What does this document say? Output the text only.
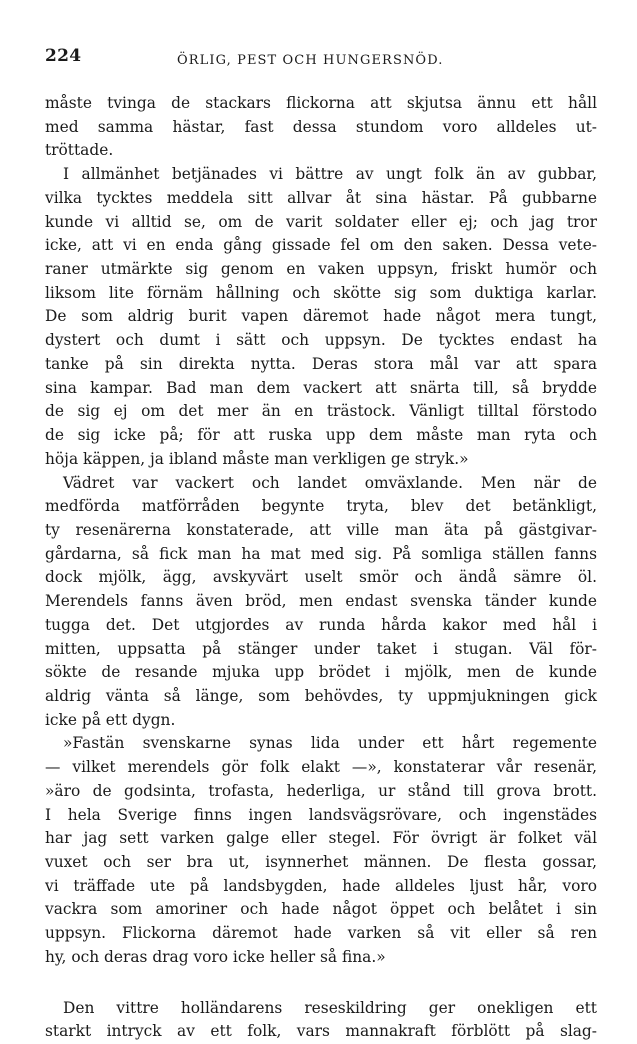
224	ÖRLIG, PEST OCH HUNGERSNÖD.
måste tvinga de stackars flickorna att skjutsa ännu ett håll
med samma hästar, fast dessa stundom voro alldeles ut-
tröttade.
I allmänhet betjänades vi bättre av ungt folk än av gubbar,
vilka tycktes meddela sitt allvar åt sina hästar. På gubbarne
kunde vi alltid se, om de varit soldater eller ej; och jag tror
icke, att vi en enda gång gissade fel om den saken. Dessa vete-
raner utmärkte sig genom en vaken uppsyn, friskt humör och
liksom lite förnäm hållning och skötte sig som duktiga karlar.
De som aldrig burit vapen däremot hade något mera tungt,
dystert och dumt i sätt och uppsyn. De tycktes endast ha
tanke på sin direkta nytta. Deras stora mål var att spara
sina kampar. Bad man dem vackert att snärta till, så brydde
de sig ej om det mer än en trästock. Vänligt tilltal förstodo
de sig icke på; för att ruska upp dem måste man ryta och
höja käppen, ja ibland måste man verkligen ge stryk.»
Vädret var vackert och landet omväxlande. Men när de
medförda matförråden begynte tryta, blev det betänkligt,
ty resenärerna konstaterade, att ville man äta på gästgivar-
gårdarna, så fick man ha mat med sig. På somliga ställen fanns
dock mjölk, ägg, avskyvärt uselt smör och ändå sämre öl.
Merendels fanns även bröd, men endast svenska tänder kunde
tugga det. Det utgjordes av runda hårda kakor med hål i
mitten, uppsatta på stänger under taket i stugan. Väl för-
sökte de resande mjuka upp brödet i mjölk, men de kunde
aldrig vänta så länge, som behövdes, ty uppmjukningen gick
icke på ett dygn.
»Fastän svenskarne synas lida under ett hårt regemente
— vilket merendels gör folk elakt —», konstaterar vår resenär,
»äro de godsinta, trofasta, hederliga, ur stånd till grova brott.
I hela Sverige finns ingen landsvägsrövare, och ingenstädes
har jag sett varken galge eller stegel. För övrigt är folket väl
vuxet och ser bra ut, isynnerhet männen. De flesta gossar,
vi träffade ute på landsbygden, hade alldeles ljust hår, voro
vackra som amoriner och hade något öppet och belåtet i sin
uppsyn. Flickorna däremot hade varken så vit eller så ren
hy, och deras drag voro icke heller så fina.»
Den vittre holländarens reseskildring ger onekligen ett
starkt intryck av ett folk, vars mannakraft förblött på slag-
